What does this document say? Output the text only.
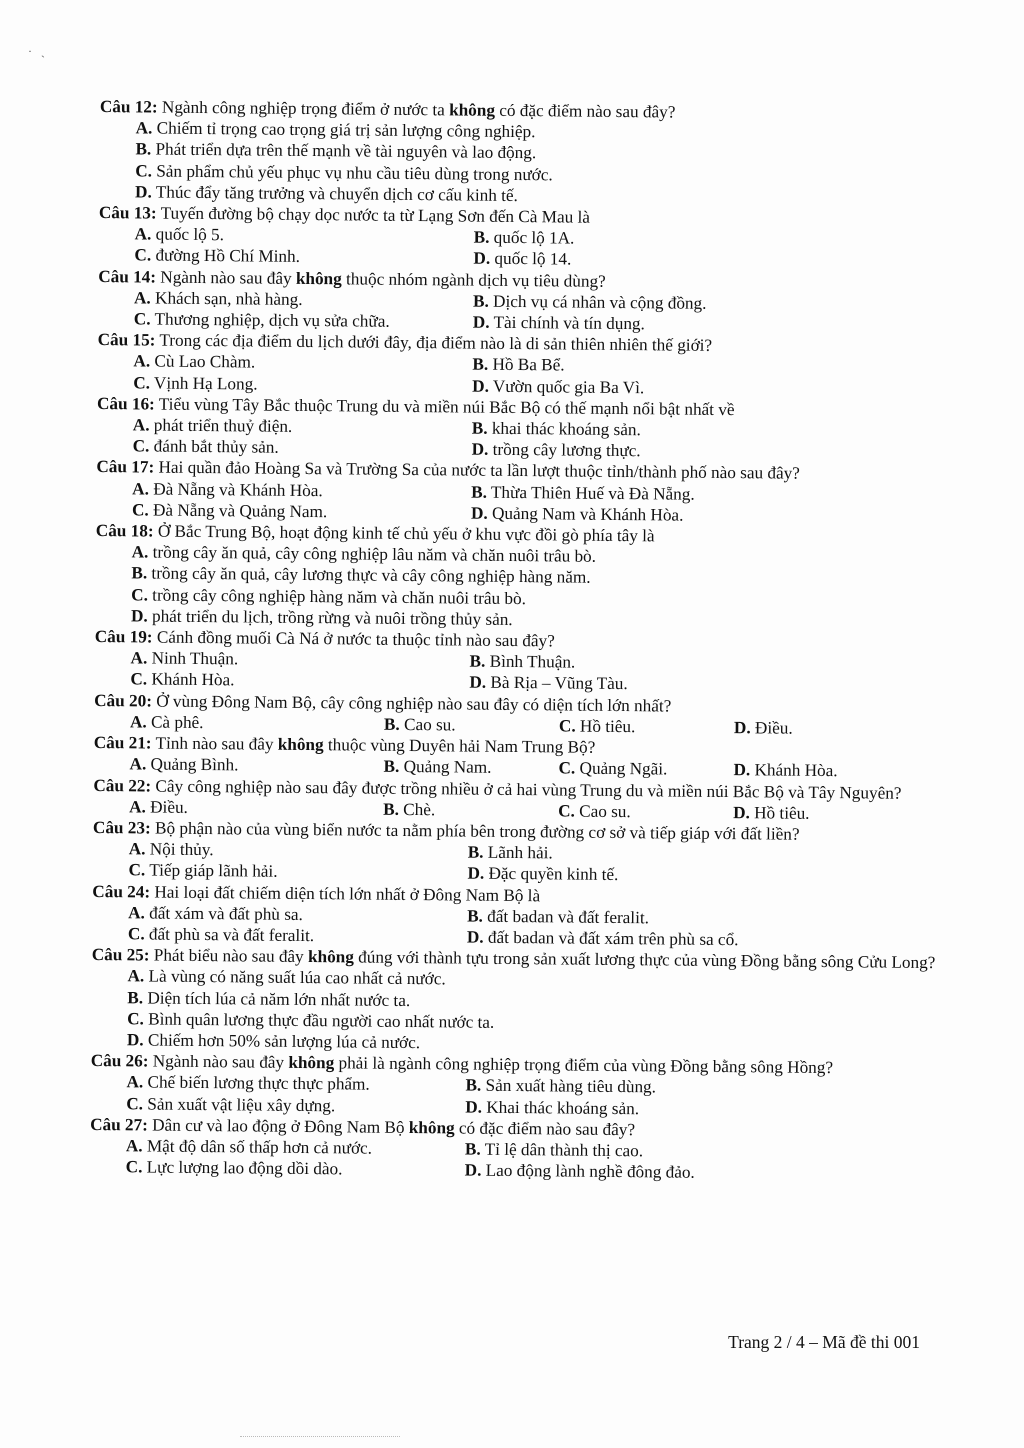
· ˎ
Câu 12: Ngành công nghiệp trọng điểm ở nước ta không có đặc điểm nào sau đây?
A. Chiếm tỉ trọng cao trọng giá trị sản lượng công nghiệp.
B. Phát triển dựa trên thế mạnh về tài nguyên và lao động.
C. Sản phẩm chủ yếu phục vụ nhu cầu tiêu dùng trong nước.
D. Thúc đẩy tăng trưởng và chuyển dịch cơ cấu kinh tế.
Câu 13: Tuyến đường bộ chạy dọc nước ta từ Lạng Sơn đến Cà Mau là
A. quốc lộ 5.	B. quốc lộ 1A.
C. đường Hồ Chí Minh.	D. quốc lộ 14.
Câu 14: Ngành nào sau đây không thuộc nhóm ngành dịch vụ tiêu dùng?
A. Khách sạn, nhà hàng.	B. Dịch vụ cá nhân và cộng đồng.
C. Thương nghiệp, dịch vụ sửa chữa.	D. Tài chính và tín dụng.
Câu 15: Trong các địa điểm du lịch dưới đây, địa điểm nào là di sản thiên nhiên thế giới?
A. Cù Lao Chàm.	B. Hồ Ba Bể.
C. Vịnh Hạ Long.	D. Vườn quốc gia Ba Vì.
Câu 16: Tiểu vùng Tây Bắc thuộc Trung du và miền núi Bắc Bộ có thế mạnh nổi bật nhất về
A. phát triển thuỷ điện.	B. khai thác khoáng sản.
C. đánh bắt thủy sản.	D. trồng cây lương thực.
Câu 17: Hai quần đảo Hoàng Sa và Trường Sa của nước ta lần lượt thuộc tỉnh/thành phố nào sau đây?
A. Đà Nẵng và Khánh Hòa.	B. Thừa Thiên Huế và Đà Nẵng.
C. Đà Nẵng và Quảng Nam.	D. Quảng Nam và Khánh Hòa.
Câu 18: Ở Bắc Trung Bộ, hoạt động kinh tế chủ yếu ở khu vực đồi gò phía tây là
A. trồng cây ăn quả, cây công nghiệp lâu năm và chăn nuôi trâu bò.
B. trồng cây ăn quả, cây lương thực và cây công nghiệp hàng năm.
C. trồng cây công nghiệp hàng năm và chăn nuôi trâu bò.
D. phát triển du lịch, trồng rừng và nuôi trồng thủy sản.
Câu 19: Cánh đồng muối Cà Ná ở nước ta thuộc tỉnh nào sau đây?
A. Ninh Thuận.	B. Bình Thuận.
C. Khánh Hòa.	D. Bà Rịa – Vũng Tàu.
Câu 20: Ở vùng Đông Nam Bộ, cây công nghiệp nào sau đây có diện tích lớn nhất?
A. Cà phê.	B. Cao su.	C. Hồ tiêu.	D. Điều.
Câu 21: Tỉnh nào sau đây không thuộc vùng Duyên hải Nam Trung Bộ?
A. Quảng Bình.	B. Quảng Nam.	C. Quảng Ngãi.	D. Khánh Hòa.
Câu 22: Cây công nghiệp nào sau đây được trồng nhiều ở cả hai vùng Trung du và miền núi Bắc Bộ và Tây Nguyên?
A. Điều.	B. Chè.	C. Cao su.	D. Hồ tiêu.
Câu 23: Bộ phận nào của vùng biển nước ta nằm phía bên trong đường cơ sở và tiếp giáp với đất liền?
A. Nội thủy.	B. Lãnh hải.
C. Tiếp giáp lãnh hải.	D. Đặc quyền kinh tế.
Câu 24: Hai loại đất chiếm diện tích lớn nhất ở Đông Nam Bộ là
A. đất xám và đất phù sa.	B. đất badan và đất feralit.
C. đất phù sa và đất feralit.	D. đất badan và đất xám trên phù sa cổ.
Câu 25: Phát biểu nào sau đây không đúng với thành tựu trong sản xuất lương thực của vùng Đồng bằng sông Cửu Long?
A. Là vùng có năng suất lúa cao nhất cả nước.
B. Diện tích lúa cả năm lớn nhất nước ta.
C. Bình quân lương thực đầu người cao nhất nước ta.
D. Chiếm hơn 50% sản lượng lúa cả nước.
Câu 26: Ngành nào sau đây không phải là ngành công nghiệp trọng điểm của vùng Đồng bằng sông Hồng?
A. Chế biến lương thực thực phẩm.	B. Sản xuất hàng tiêu dùng.
C. Sản xuất vật liệu xây dựng.	D. Khai thác khoáng sản.
Câu 27: Dân cư và lao động ở Đông Nam Bộ không có đặc điểm nào sau đây?
A. Mật độ dân số thấp hơn cả nước.	B. Tỉ lệ dân thành thị cao.
C. Lực lượng lao động dồi dào.	D. Lao động lành nghề đông đảo.
Trang 2 / 4 – Mã đề thi 001
